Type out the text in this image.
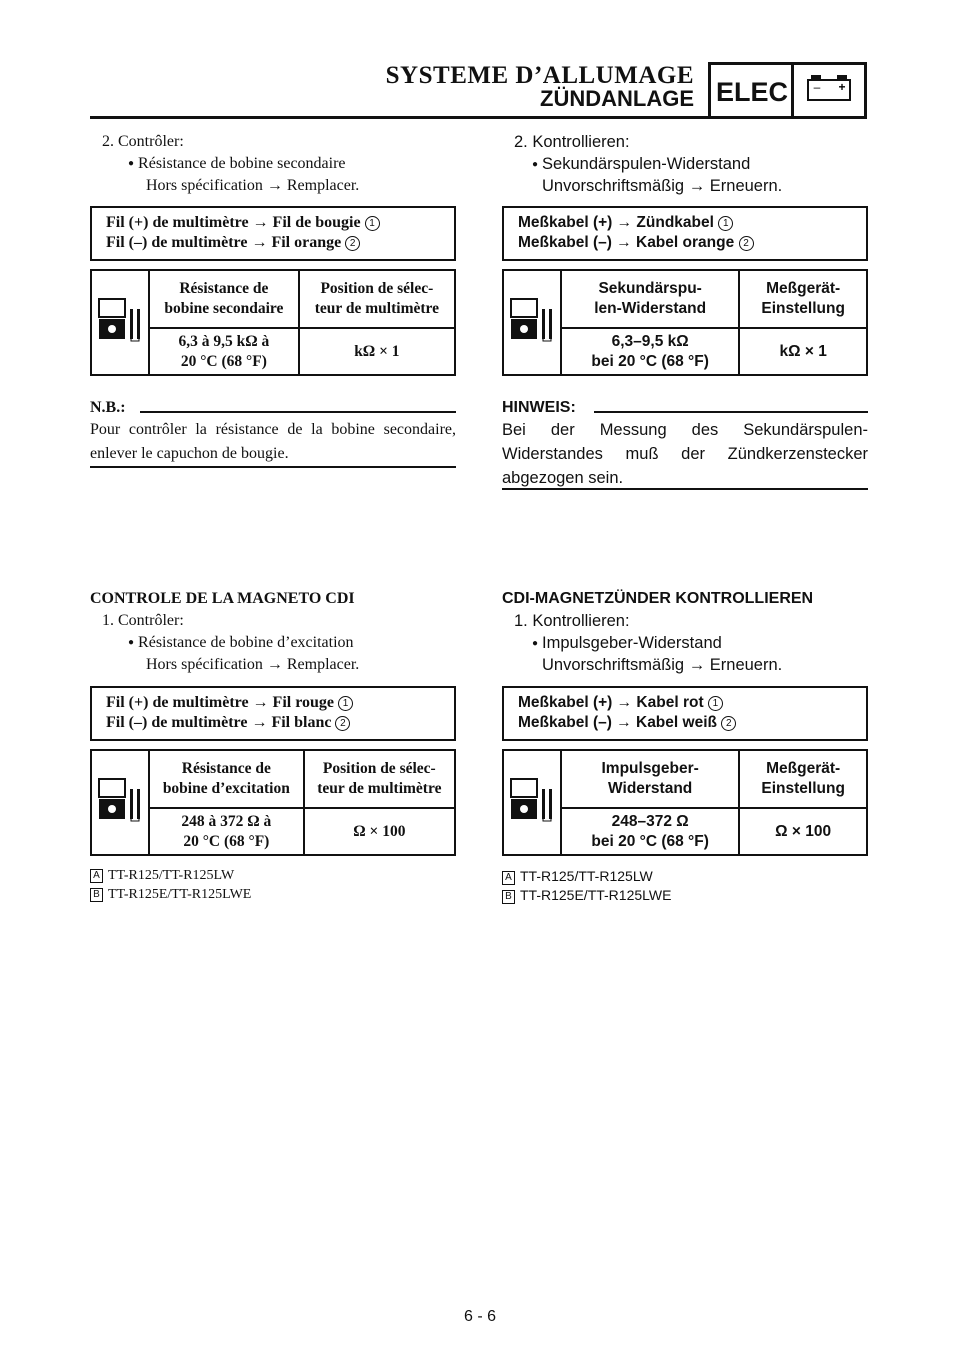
SYSTEME D’ALLUMAGE
ZÜNDANLAGE ELEC	– +
2. Contrôler:
● Résistance de bobine secondaire
Hors spécification → Remplacer.
Fil (+) de multimètre → Fil de bougie 1
Fil (–) de multimètre → Fil orange 2
	Résistance de
bobine secondaire	Position de sélec-
teur de multimètre
	6,3 à 9,5 kΩ à
20 °C (68 °F)	kΩ × 1
N.B.:
Pour contrôler la résistance de la bobine secondaire, enlever le capuchon de bougie.
CONTROLE DE LA MAGNETO CDI
1. Contrôler:
● Résistance de bobine d’excitation
Hors spécification → Remplacer.
Fil (+) de multimètre → Fil rouge 1
Fil (–) de multimètre → Fil blanc 2
	Résistance de
bobine d’excitation	Position de sélec-
teur de multimètre
	248 à 372 Ω à
20 °C (68 °F)	Ω × 100
A TT-R125/TT-R125LW
B TT-R125E/TT-R125LWE
2. Kontrollieren:
● Sekundärspulen-Widerstand
Unvorschriftsmäßig → Erneuern.
Meßkabel (+) → Zündkabel 1
Meßkabel (–) → Kabel orange 2
	Sekundärspu-
len-Widerstand	Meßgerät-
Einstellung
	6,3–9,5 kΩ
bei 20 °C (68 °F)	kΩ × 1
HINWEIS:
Bei der Messung des Sekundärspulen-Widerstandes muß der Zündkerzenstecker abgezogen sein.
CDI-MAGNETZÜNDER KONTROLLIEREN
1. Kontrollieren:
● Impulsgeber-Widerstand
Unvorschriftsmäßig → Erneuern.
Meßkabel (+) → Kabel rot 1
Meßkabel (–) → Kabel weiß 2
	Impulsgeber-
Widerstand	Meßgerät-
Einstellung
	248–372 Ω
bei 20 °C (68 °F)	Ω × 100
A TT-R125/TT-R125LW
B TT-R125E/TT-R125LWE
6 - 6
